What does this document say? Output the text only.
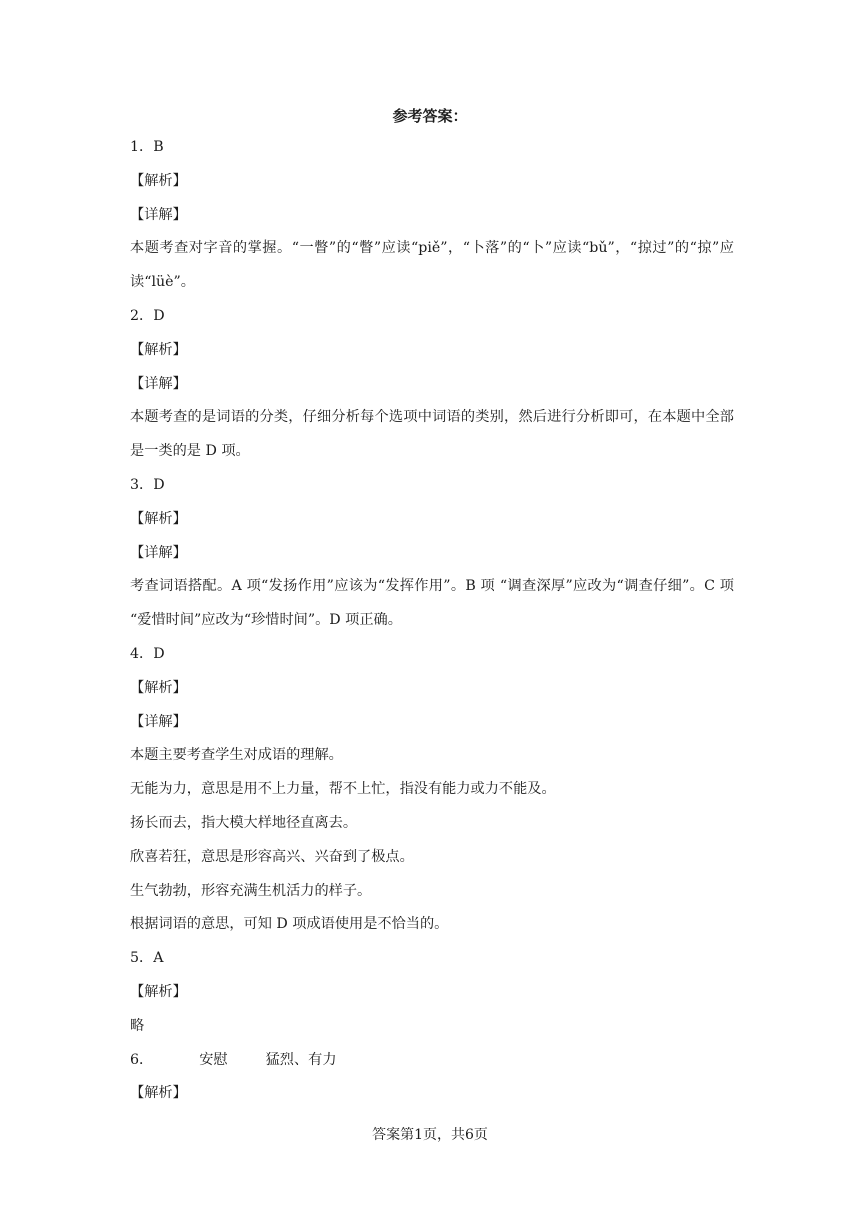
参考答案：
1．B
【解析】
【详解】
本题考查对字音的掌握。“一瞥”的“瞥”应读“piě”，“卜落”的“卜”应读“bǔ”，“掠过”的“掠”应读“lüè”。
2．D
【解析】
【详解】
本题考查的是词语的分类，仔细分析每个选项中词语的类别，然后进行分析即可，在本题中全部是一类的是 D 项。
3．D
【解析】
【详解】
考查词语搭配。A 项“发扬作用”应该为“发挥作用”。B 项 “调查深厚”应改为“调查仔细”。C 项 “爱惜时间”应改为“珍惜时间”。D 项正确。
4．D
【解析】
【详解】
本题主要考查学生对成语的理解。
无能为力，意思是用不上力量，帮不上忙，指没有能力或力不能及。
扬长而去，指大模大样地径直离去。
欣喜若狂，意思是形容高兴、兴奋到了极点。
生气勃勃，形容充满生机活力的样子。
根据词语的意思，可知 D 项成语使用是不恰当的。
5．A
【解析】
略
6．	安慰	猛烈、有力
【解析】
答案第1页，共6页
